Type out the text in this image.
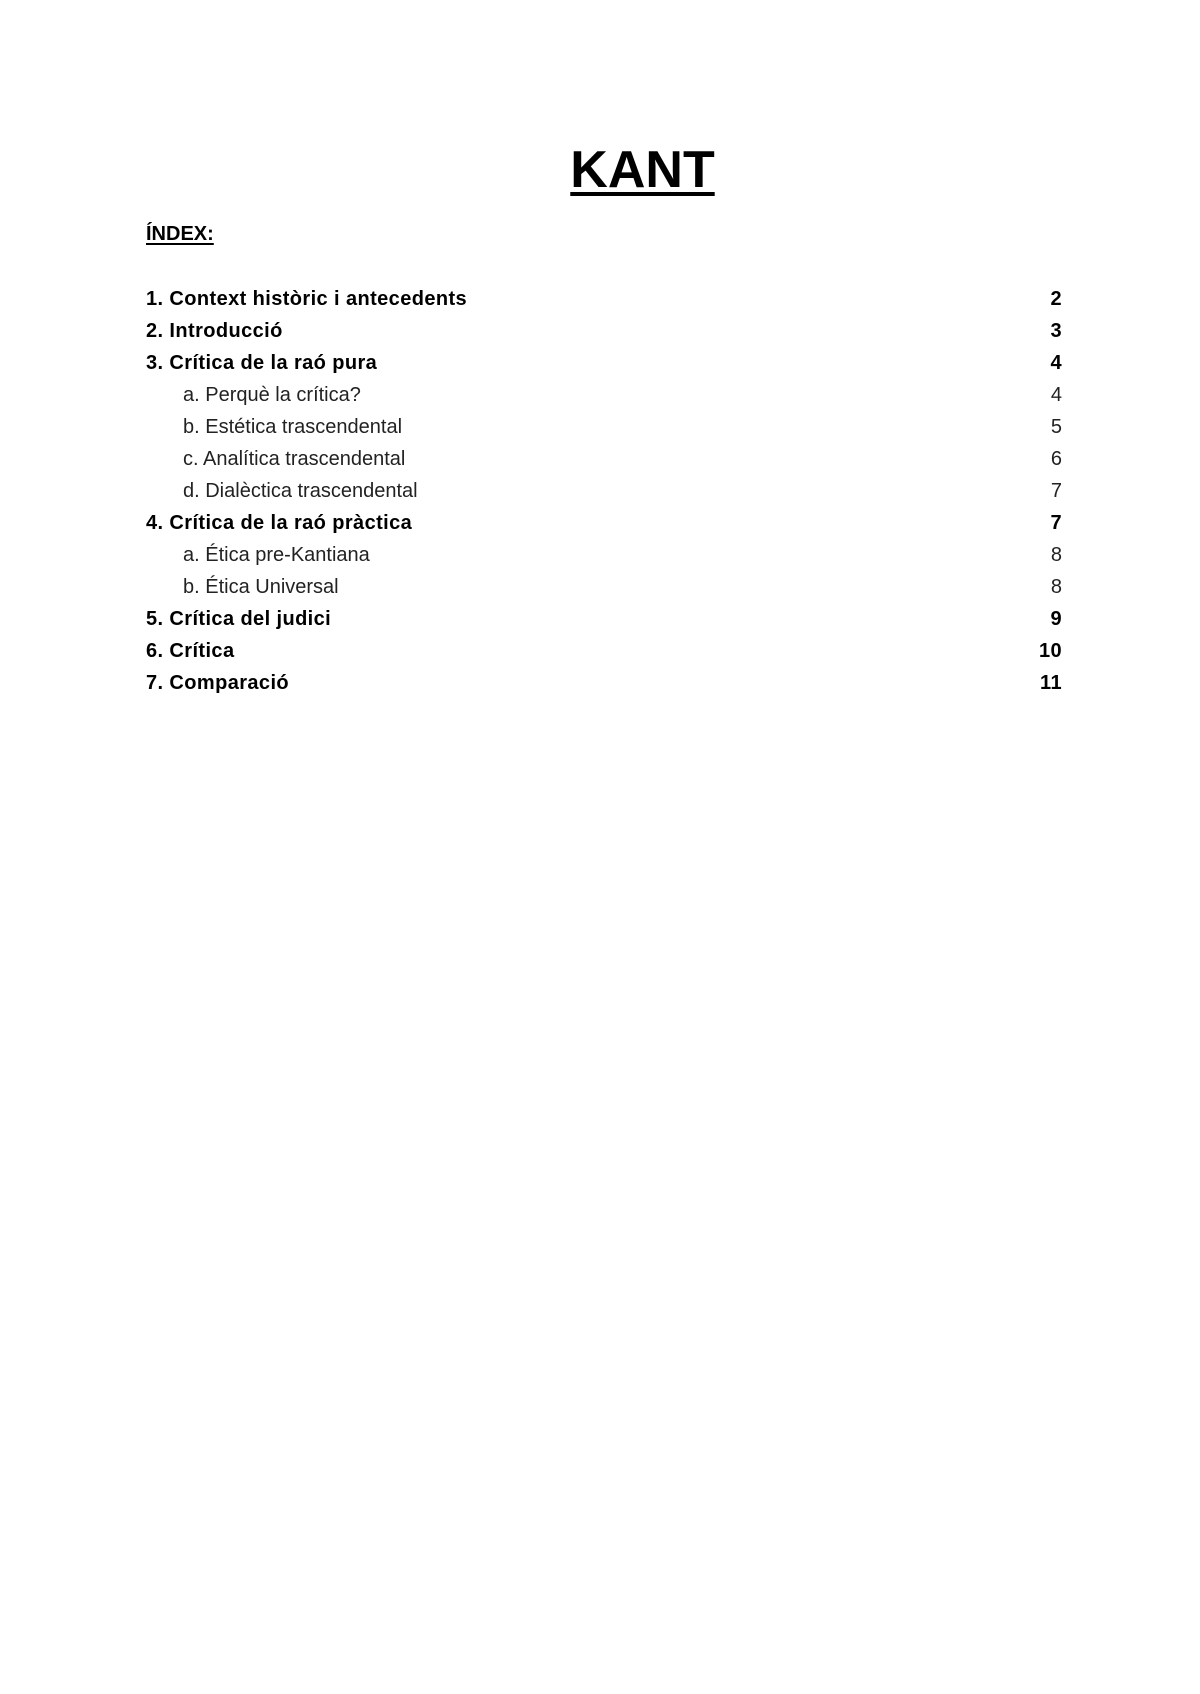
KANT
ÍNDEX:
1. Context històric i antecedents	2
2. Introducció	3
3. Crítica de la raó pura	4
a. Perquè la crítica?	4
b. Estética trascendental	5
c. Analítica trascendental	6
d. Dialèctica trascendental	7
4. Crítica de la raó pràctica	7
a. Ética pre-Kantiana	8
b. Ética Universal	8
5. Crítica del judici	9
6. Crítica	10
7. Comparació	11
